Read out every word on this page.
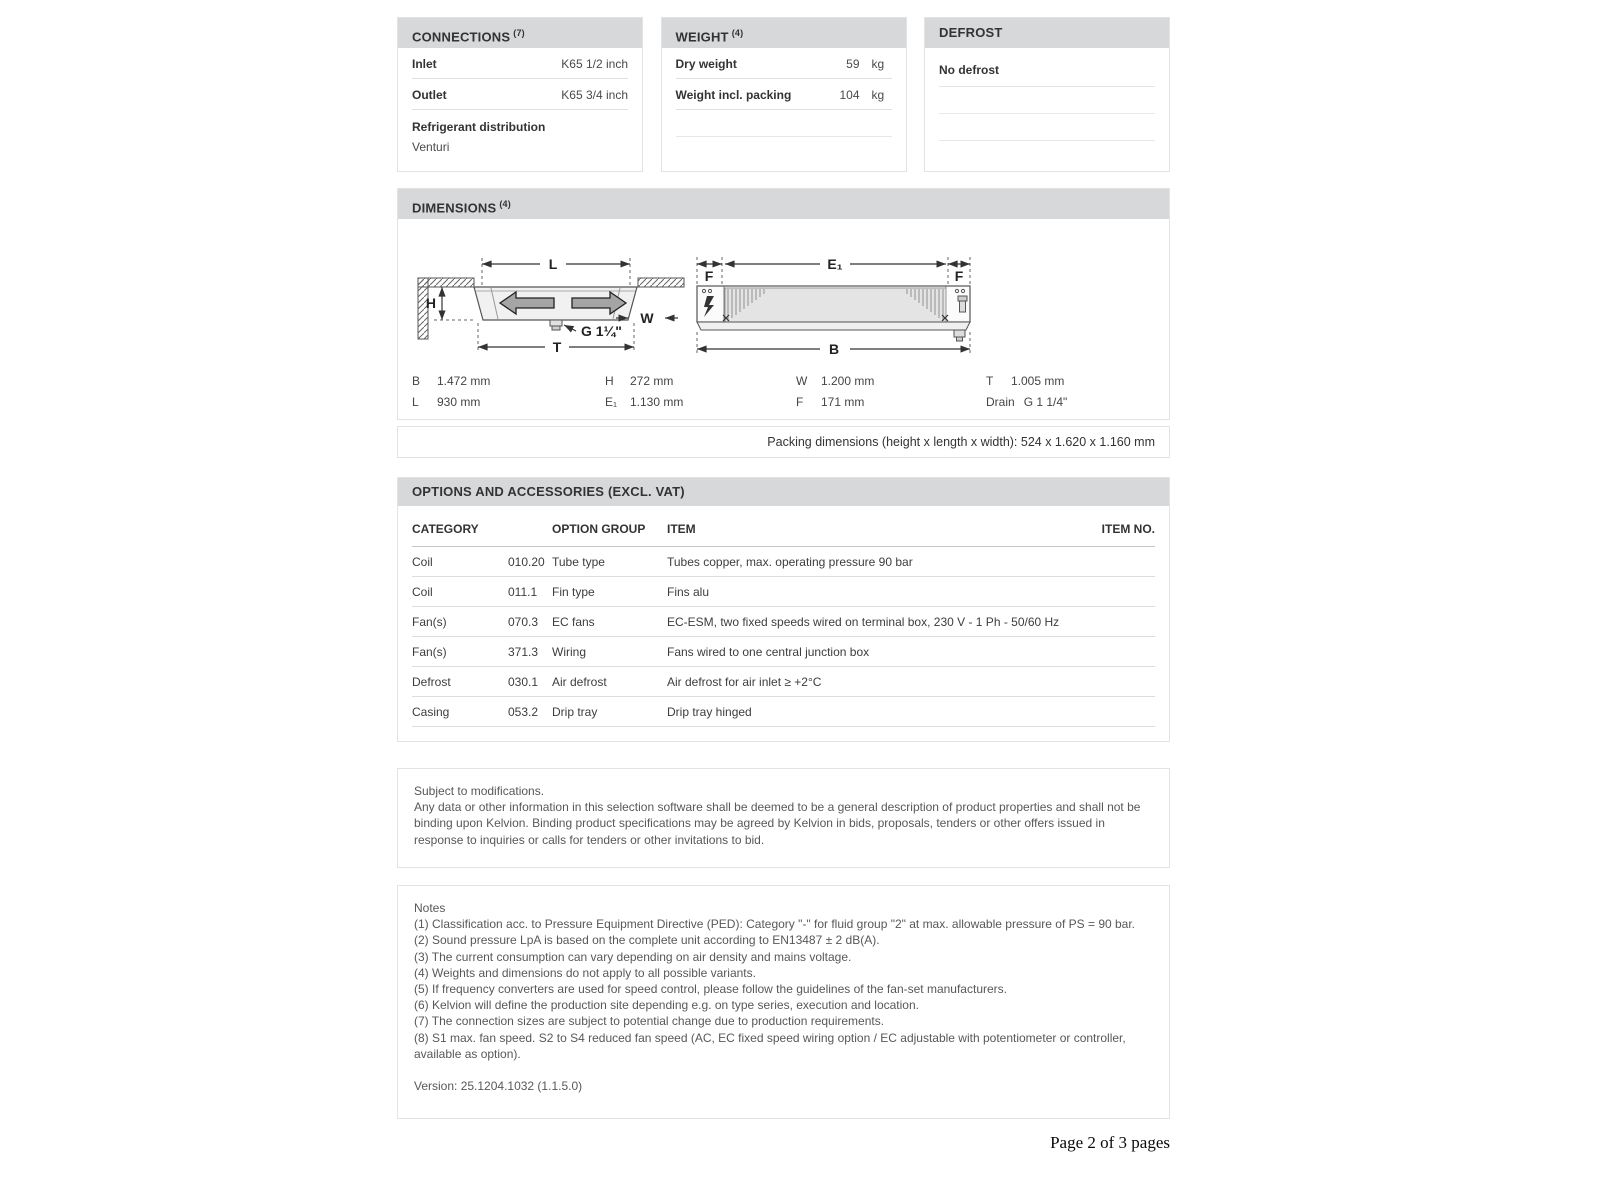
CONNECTIONS $^{(7)}$
Inlet	K65 1/2 inch
Outlet	K65 3/4 inch
Refrigerant distribution
Venturi
WEIGHT $^{(4)}$
Dry weight	59 kg
Weight incl. packing	104 kg
DEFROST
No defrost
DIMENSIONS $^{(4)}$
L
H
W
G 1¼"
T
F
E₁
F
B
B 1.472 mm	H 272 mm	W 1.200 mm	T 1.005 mm
L 930 mm	E₁ 1.130 mm	F 171 mm	Drain G 1 1/4"
Packing dimensions (height x length x width): 524 x 1.620 x 1.160 mm
OPTIONS AND ACCESSORIES (EXCL. VAT)
CATEGORY	OPTION GROUP	ITEM	ITEM NO.
Coil	010.20 Tube type	Tubes copper, max. operating pressure 90 bar
Coil	011.1	Fin type	Fins alu
Fan(s)	070.3	EC fans	EC-ESM, two fixed speeds wired on terminal box, 230 V - 1 Ph - 50/60 Hz
Fan(s)	371.3	Wiring	Fans wired to one central junction box
Defrost	030.1	Air defrost	Air defrost for air inlet ≥ +2°C
Casing	053.2	Drip tray	Drip tray hinged

Subject to modifications.

Any data or other information in this selection software shall be deemed to be a general description of product properties and shall not be binding upon Kelvion. Binding product specifications may be agreed by Kelvion in bids, proposals, tenders or other offers issued in response to inquiries or calls for tenders or other invitations to bid.

Notes

(1) Classification acc. to Pressure Equipment Directive (PED): Category "-" for fluid group "2" at max. allowable pressure of PS = 90 bar.

(2) Sound pressure LpA is based on the complete unit according to EN13487 ± 2 dB(A).

(3) The current consumption can vary depending on air density and mains voltage.

(4) Weights and dimensions do not apply to all possible variants.

(5) If frequency converters are used for speed control, please follow the guidelines of the fan-set manufacturers.

(6) Kelvion will define the production site depending e.g. on type series, execution and location.

(7) The connection sizes are subject to potential change due to production requirements.

(8) S1 max. fan speed. S2 to S4 reduced fan speed (AC, EC fixed speed wiring option / EC adjustable with potentiometer or controller, available as option).

Version: 25.1204.1032 (1.1.5.0)

Page 2 of 3 pages
